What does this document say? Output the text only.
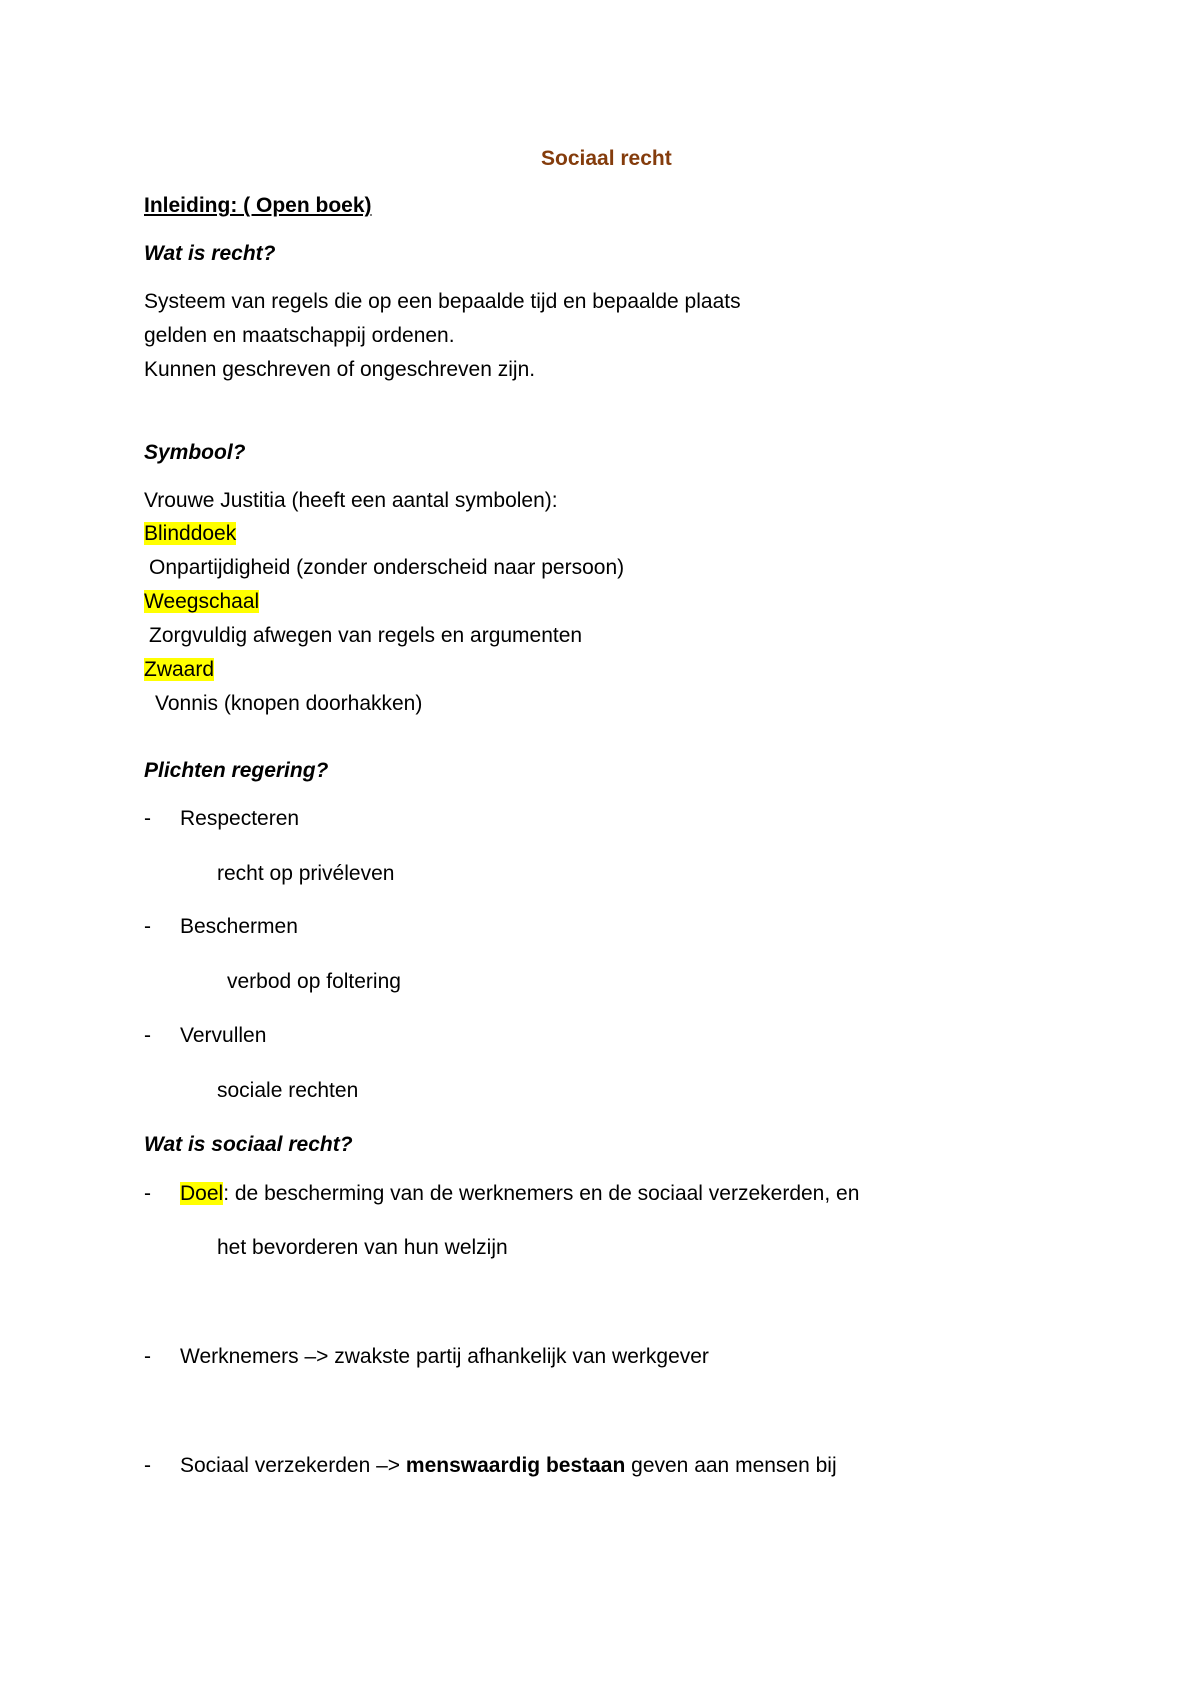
Sociaal recht
Inleiding: ( Open boek)
Wat is recht?
Systeem van regels die op een bepaalde tijd en bepaalde plaats
gelden en maatschappij ordenen.
Kunnen geschreven of ongeschreven zijn.
Symbool?
Vrouwe Justitia (heeft een aantal symbolen):
Blinddoek
Onpartijdigheid (zonder onderscheid naar persoon)
Weegschaal
Zorgvuldig afwegen van regels en argumenten
Zwaard
Vonnis (knopen doorhakken)
Plichten regering?
- Respecteren
recht op privéleven
- Beschermen
verbod op foltering
- Vervullen
sociale rechten
Wat is sociaal recht?
- Doel: de bescherming van de werknemers en de sociaal verzekerden, en
het bevorderen van hun welzijn
- Werknemers –> zwakste partij afhankelijk van werkgever
- Sociaal verzekerden –> menswaardig bestaan geven aan mensen bij
